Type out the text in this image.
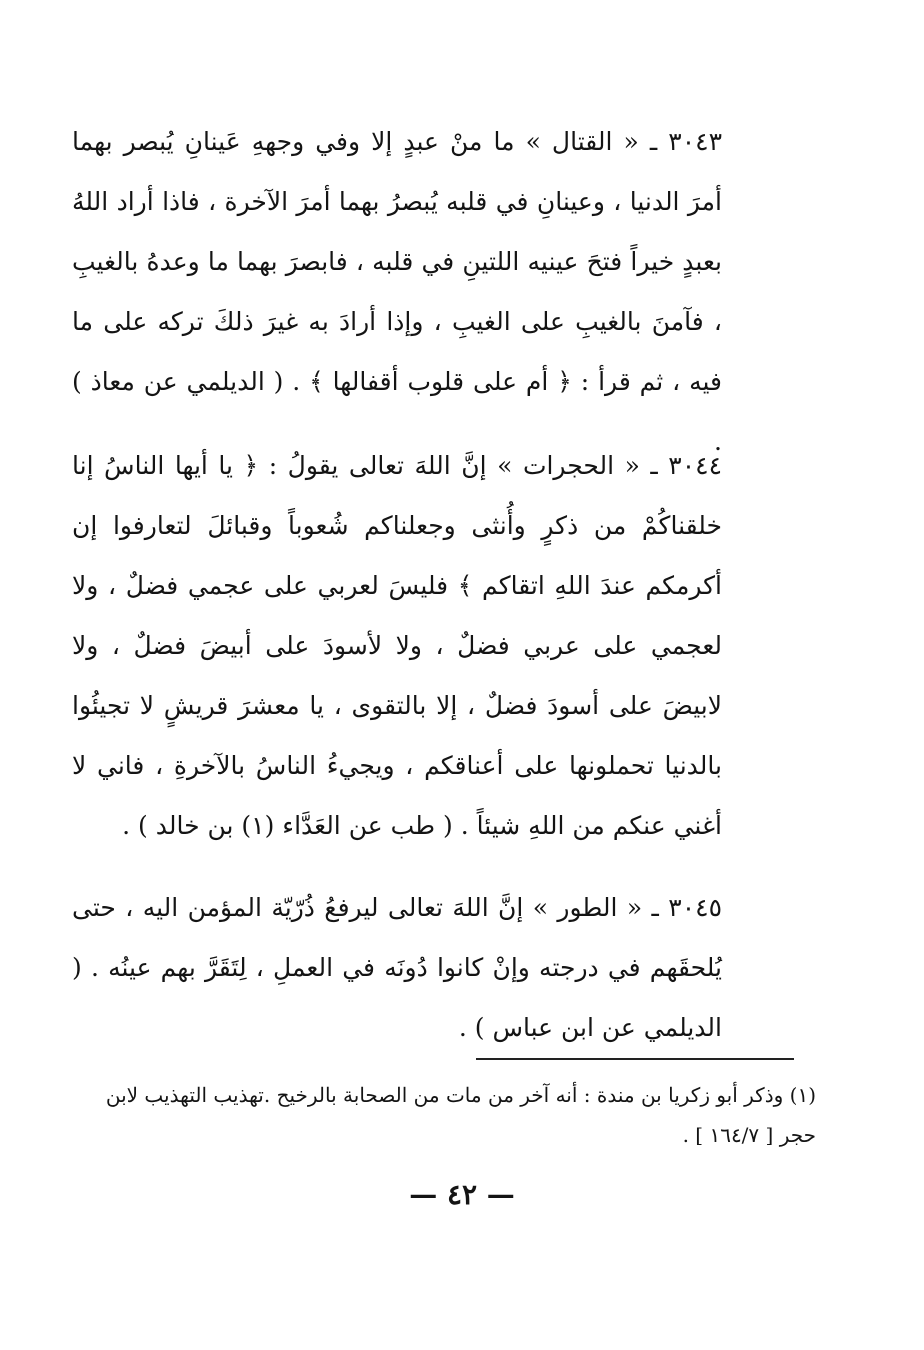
٣٠٤٣ ـ « القتال » ما منْ عبدٍ إلا وفي وجههِ عَينانِ يُبصر بهما أمرَ الدنيا ، وعينانِ في قلبه يُبصرُ بهما أمرَ الآخرة ، فاذا أراد اللهُ بعبدٍ خيراً فتحَ عينيه اللتينِ في قلبه ، فابصرَ بهما ما وعدهُ بالغيبِ ، فآمنَ بالغيبِ على الغيبِ ، وإذا أرادَ به غيرَ ذلكَ تركه على ما فيه ، ثم قرأ : ﴿ أم على قلوب أقفالها ﴾ . ( الديلمي عن معاذ ) .

٣٠٤٤ ـ « الحجرات » إنَّ اللهَ تعالى يقولُ : ﴿ يا أيها الناسُ إنا خلقناكُمْ من ذكرٍ وأُنثى وجعلناكم شُعوباً وقبائلَ لتعارفوا إن أكرمكم عندَ اللهِ اتقاكم ﴾ فليسَ لعربي على عجمي فضلٌ ، ولا لعجمي على عربي فضلٌ ، ولا لأسودَ على أبيضَ فضلٌ ، ولا لابيضَ على أسودَ فضلٌ ، إلا بالتقوى ، يا معشرَ قريشٍ لا تجيئُوا بالدنيا تحملونها على أعناقكم ، ويجيءُ الناسُ بالآخرةِ ، فاني لا أغني عنكم من اللهِ شيئاً . ( طب عن العَدَّاء (١) بن خالد ) .

٣٠٤٥ ـ « الطور » إنَّ اللهَ تعالى ليرفعُ ذُرّيّة المؤمن اليه ، حتى يُلحقَهم في درجته وإنْ كانوا دُونَه في العملِ ، لِتَقَرَّ بهم عينُه . ( الديلمي عن ابن عباس ) .

(١) وذكر أبو زكريا بن مندة : أنه آخر من مات من الصحابة بالرخيح .تهذيب التهذيب لابن حجر [ ١٦٤/٧ ] .

— ٤٢ —
